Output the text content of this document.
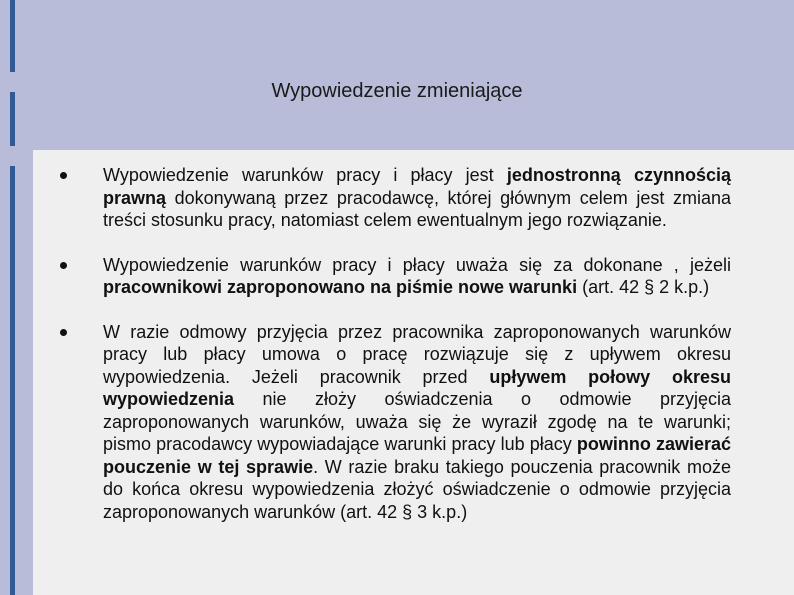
Wypowiedzenie zmieniające
Wypowiedzenie warunków pracy i płacy jest jednostronną czynnością prawną dokonywaną przez pracodawcę, której głównym celem jest zmiana treści stosunku pracy, natomiast celem ewentualnym jego rozwiązanie.
Wypowiedzenie warunków pracy i płacy uważa się za dokonane , jeżeli pracownikowi zaproponowano na piśmie nowe warunki (art. 42 § 2 k.p.)
W razie odmowy przyjęcia przez pracownika zaproponowanych warunków pracy lub płacy umowa o pracę rozwiązuje się z upływem okresu wypowiedzenia. Jeżeli pracownik przed upływem połowy okresu wypowiedzenia nie złoży oświadczenia o odmowie przyjęcia zaproponowanych warunków, uważa się że wyraził zgodę na te warunki; pismo pracodawcy wypowiadające warunki pracy lub płacy powinno zawierać pouczenie w tej sprawie. W razie braku takiego pouczenia pracownik może do końca okresu wypowiedzenia złożyć oświadczenie o odmowie przyjęcia zaproponowanych warunków (art. 42 § 3 k.p.)
